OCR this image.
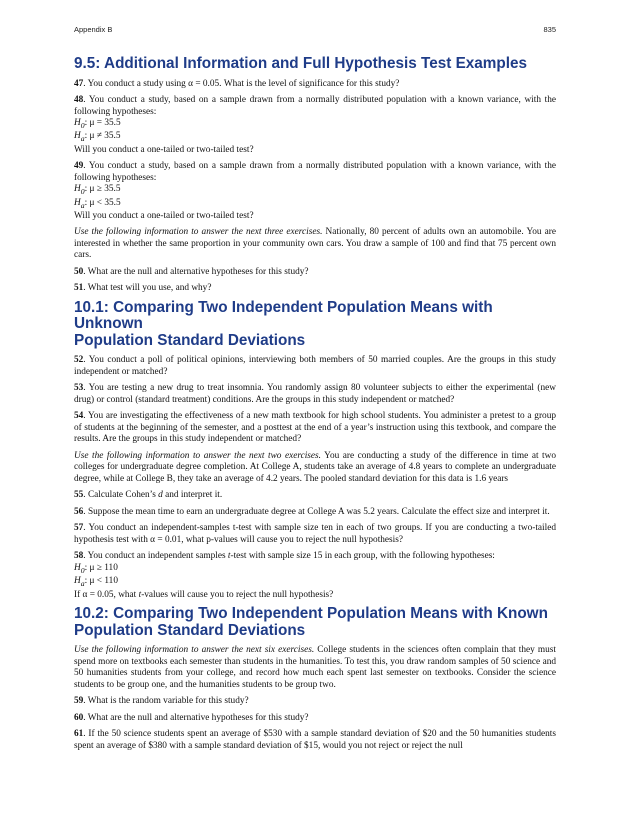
Appendix B	835
9.5: Additional Information and Full Hypothesis Test Examples

47. You conduct a study using α = 0.05. What is the level of significance for this study?

48. You conduct a study, based on a sample drawn from a normally distributed population with a known variance, with the following hypotheses:
$H_0$: μ = 35.5
$H_a$: μ ≠ 35.5
Will you conduct a one-tailed or two-tailed test?

49. You conduct a study, based on a sample drawn from a normally distributed population with a known variance, with the following hypotheses:
$H_0$: μ ≥ 35.5
$H_a$: μ < 35.5
Will you conduct a one-tailed or two-tailed test?

Use the following information to answer the next three exercises. Nationally, 80 percent of adults own an automobile. You are interested in whether the same proportion in your community own cars. You draw a sample of 100 and find that 75 percent own cars.

50. What are the null and alternative hypotheses for this study?

51. What test will you use, and why?

10.1: Comparing Two Independent Population Means with Unknown
Population Standard Deviations

52. You conduct a poll of political opinions, interviewing both members of 50 married couples. Are the groups in this study independent or matched?

53. You are testing a new drug to treat insomnia. You randomly assign 80 volunteer subjects to either the experimental (new drug) or control (standard treatment) conditions. Are the groups in this study independent or matched?

54. You are investigating the effectiveness of a new math textbook for high school students. You administer a pretest to a group of students at the beginning of the semester, and a posttest at the end of a year’s instruction using this textbook, and compare the results. Are the groups in this study independent or matched?

Use the following information to answer the next two exercises. You are conducting a study of the difference in time at two colleges for undergraduate degree completion. At College A, students take an average of 4.8 years to complete an undergraduate degree, while at College B, they take an average of 4.2 years. The pooled standard deviation for this data is 1.6 years

55. Calculate Cohen’s d and interpret it.

56. Suppose the mean time to earn an undergraduate degree at College A was 5.2 years. Calculate the effect size and interpret it.

57. You conduct an independent-samples t-test with sample size ten in each of two groups. If you are conducting a two-tailed hypothesis test with α = 0.01, what p-values will cause you to reject the null hypothesis?

58. You conduct an independent samples t-test with sample size 15 in each group, with the following hypotheses:
$H_0$: μ ≥ 110
$H_a$: μ < 110
If α = 0.05, what t-values will cause you to reject the null hypothesis?

10.2: Comparing Two Independent Population Means with Known
Population Standard Deviations

Use the following information to answer the next six exercises. College students in the sciences often complain that they must spend more on textbooks each semester than students in the humanities. To test this, you draw random samples of 50 science and 50 humanities students from your college, and record how much each spent last semester on textbooks. Consider the science students to be group one, and the humanities students to be group two.

59. What is the random variable for this study?

60. What are the null and alternative hypotheses for this study?

61. If the 50 science students spent an average of $530 with a sample standard deviation of $20 and the 50 humanities students spent an average of $380 with a sample standard deviation of $15, would you not reject or reject the null
